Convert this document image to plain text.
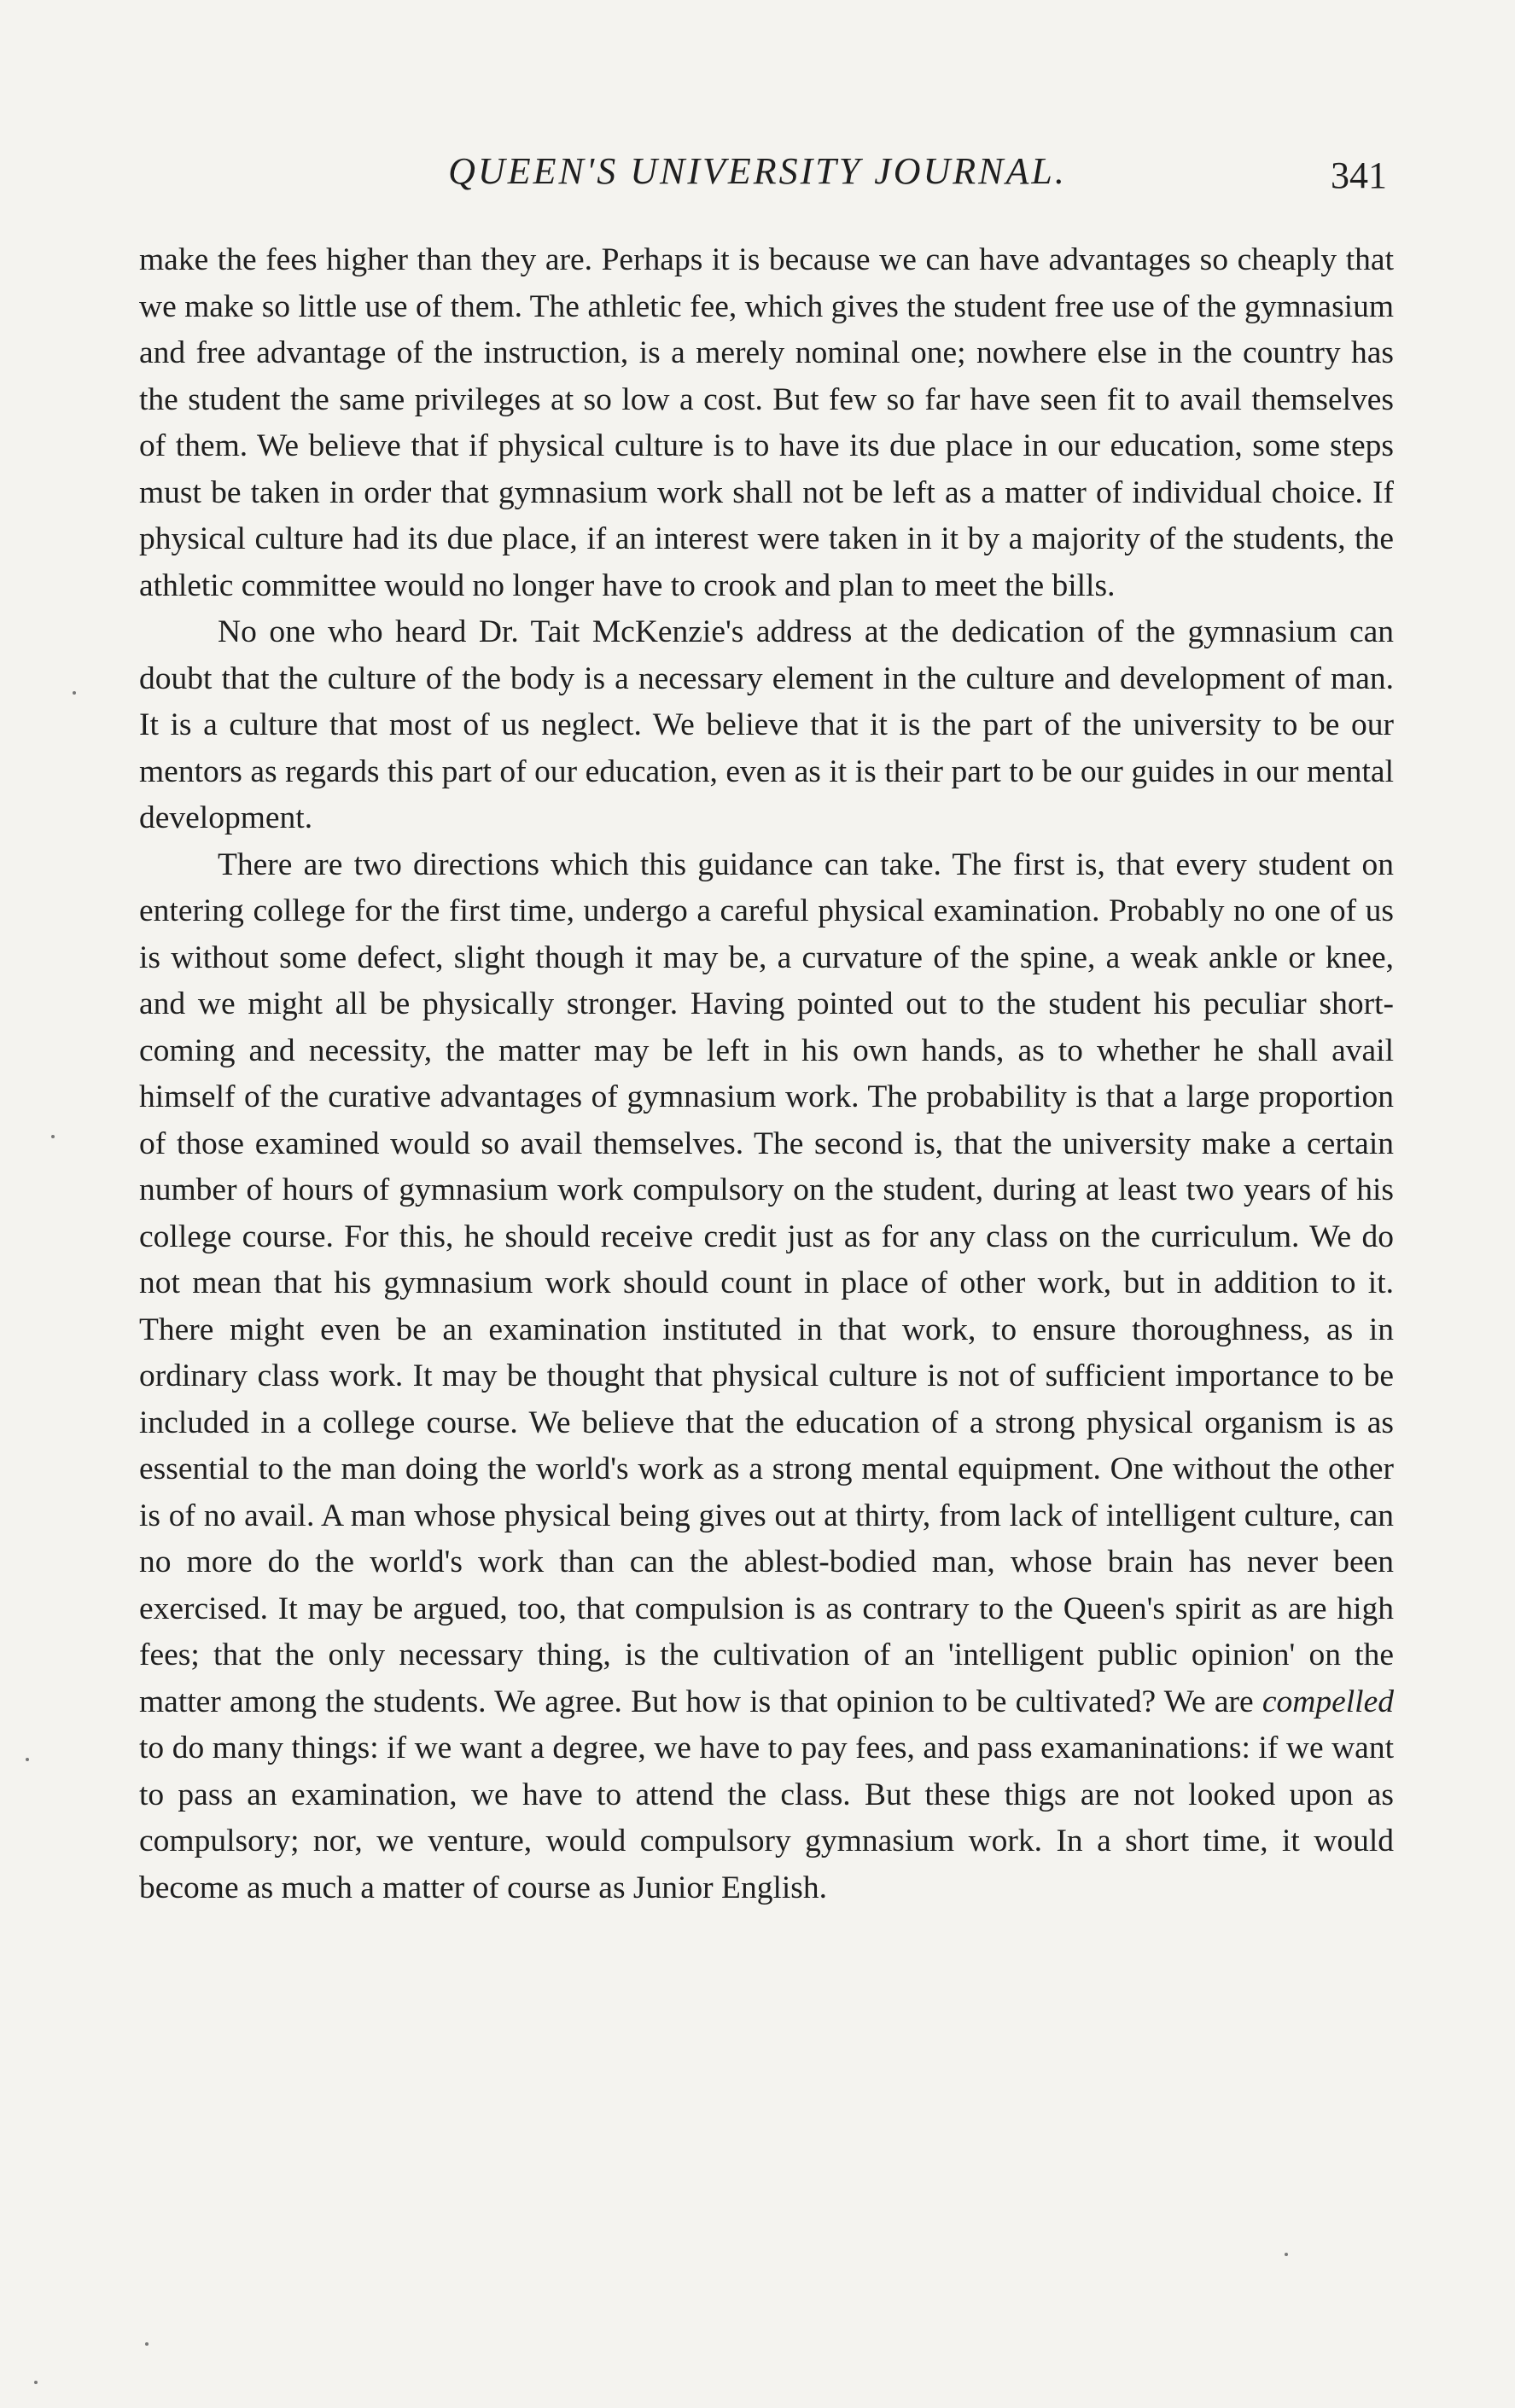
QUEEN'S UNIVERSITY JOURNAL.	341

make the fees higher than they are. Perhaps it is because we can have advantages so cheaply that we make so little use of them. The athletic fee, which gives the student free use of the gymnasium and free advantage of the instruction, is a merely nominal one; nowhere else in the country has the student the same privileges at so low a cost. But few so far have seen fit to avail themselves of them. We believe that if physical culture is to have its due place in our education, some steps must be taken in order that gymnasium work shall not be left as a matter of individual choice. If physical culture had its due place, if an interest were taken in it by a majority of the students, the athletic committee would no longer have to crook and plan to meet the bills.

No one who heard Dr. Tait McKenzie's address at the dedication of the gymnasium can doubt that the culture of the body is a necessary element in the culture and development of man. It is a culture that most of us neglect. We believe that it is the part of the university to be our mentors as regards this part of our education, even as it is their part to be our guides in our mental development.

There are two directions which this guidance can take. The first is, that every student on entering college for the first time, undergo a careful physical examination. Probably no one of us is without some defect, slight though it may be, a curvature of the spine, a weak ankle or knee, and we might all be physically stronger. Having pointed out to the student his peculiar short-coming and necessity, the matter may be left in his own hands, as to whether he shall avail himself of the curative advantages of gymnasium work. The probability is that a large proportion of those examined would so avail themselves. The second is, that the university make a certain number of hours of gymnasium work compulsory on the student, during at least two years of his college course. For this, he should receive credit just as for any class on the curriculum. We do not mean that his gymnasium work should count in place of other work, but in addition to it. There might even be an examination instituted in that work, to ensure thoroughness, as in ordinary class work. It may be thought that physical culture is not of sufficient importance to be included in a college course. We believe that the education of a strong physical organism is as essential to the man doing the world's work as a strong mental equipment. One without the other is of no avail. A man whose physical being gives out at thirty, from lack of intelligent culture, can no more do the world's work than can the ablest-bodied man, whose brain has never been exercised. It may be argued, too, that compulsion is as contrary to the Queen's spirit as are high fees; that the only necessary thing, is the cultivation of an 'intelligent public opinion' on the matter among the students. We agree. But how is that opinion to be cultivated? We are compelled to do many things: if we want a degree, we have to pay fees, and pass examaninations: if we want to pass an examination, we have to attend the class. But these thigs are not looked upon as compulsory; nor, we venture, would compulsory gymnasium work. In a short time, it would become as much a matter of course as Junior English.
